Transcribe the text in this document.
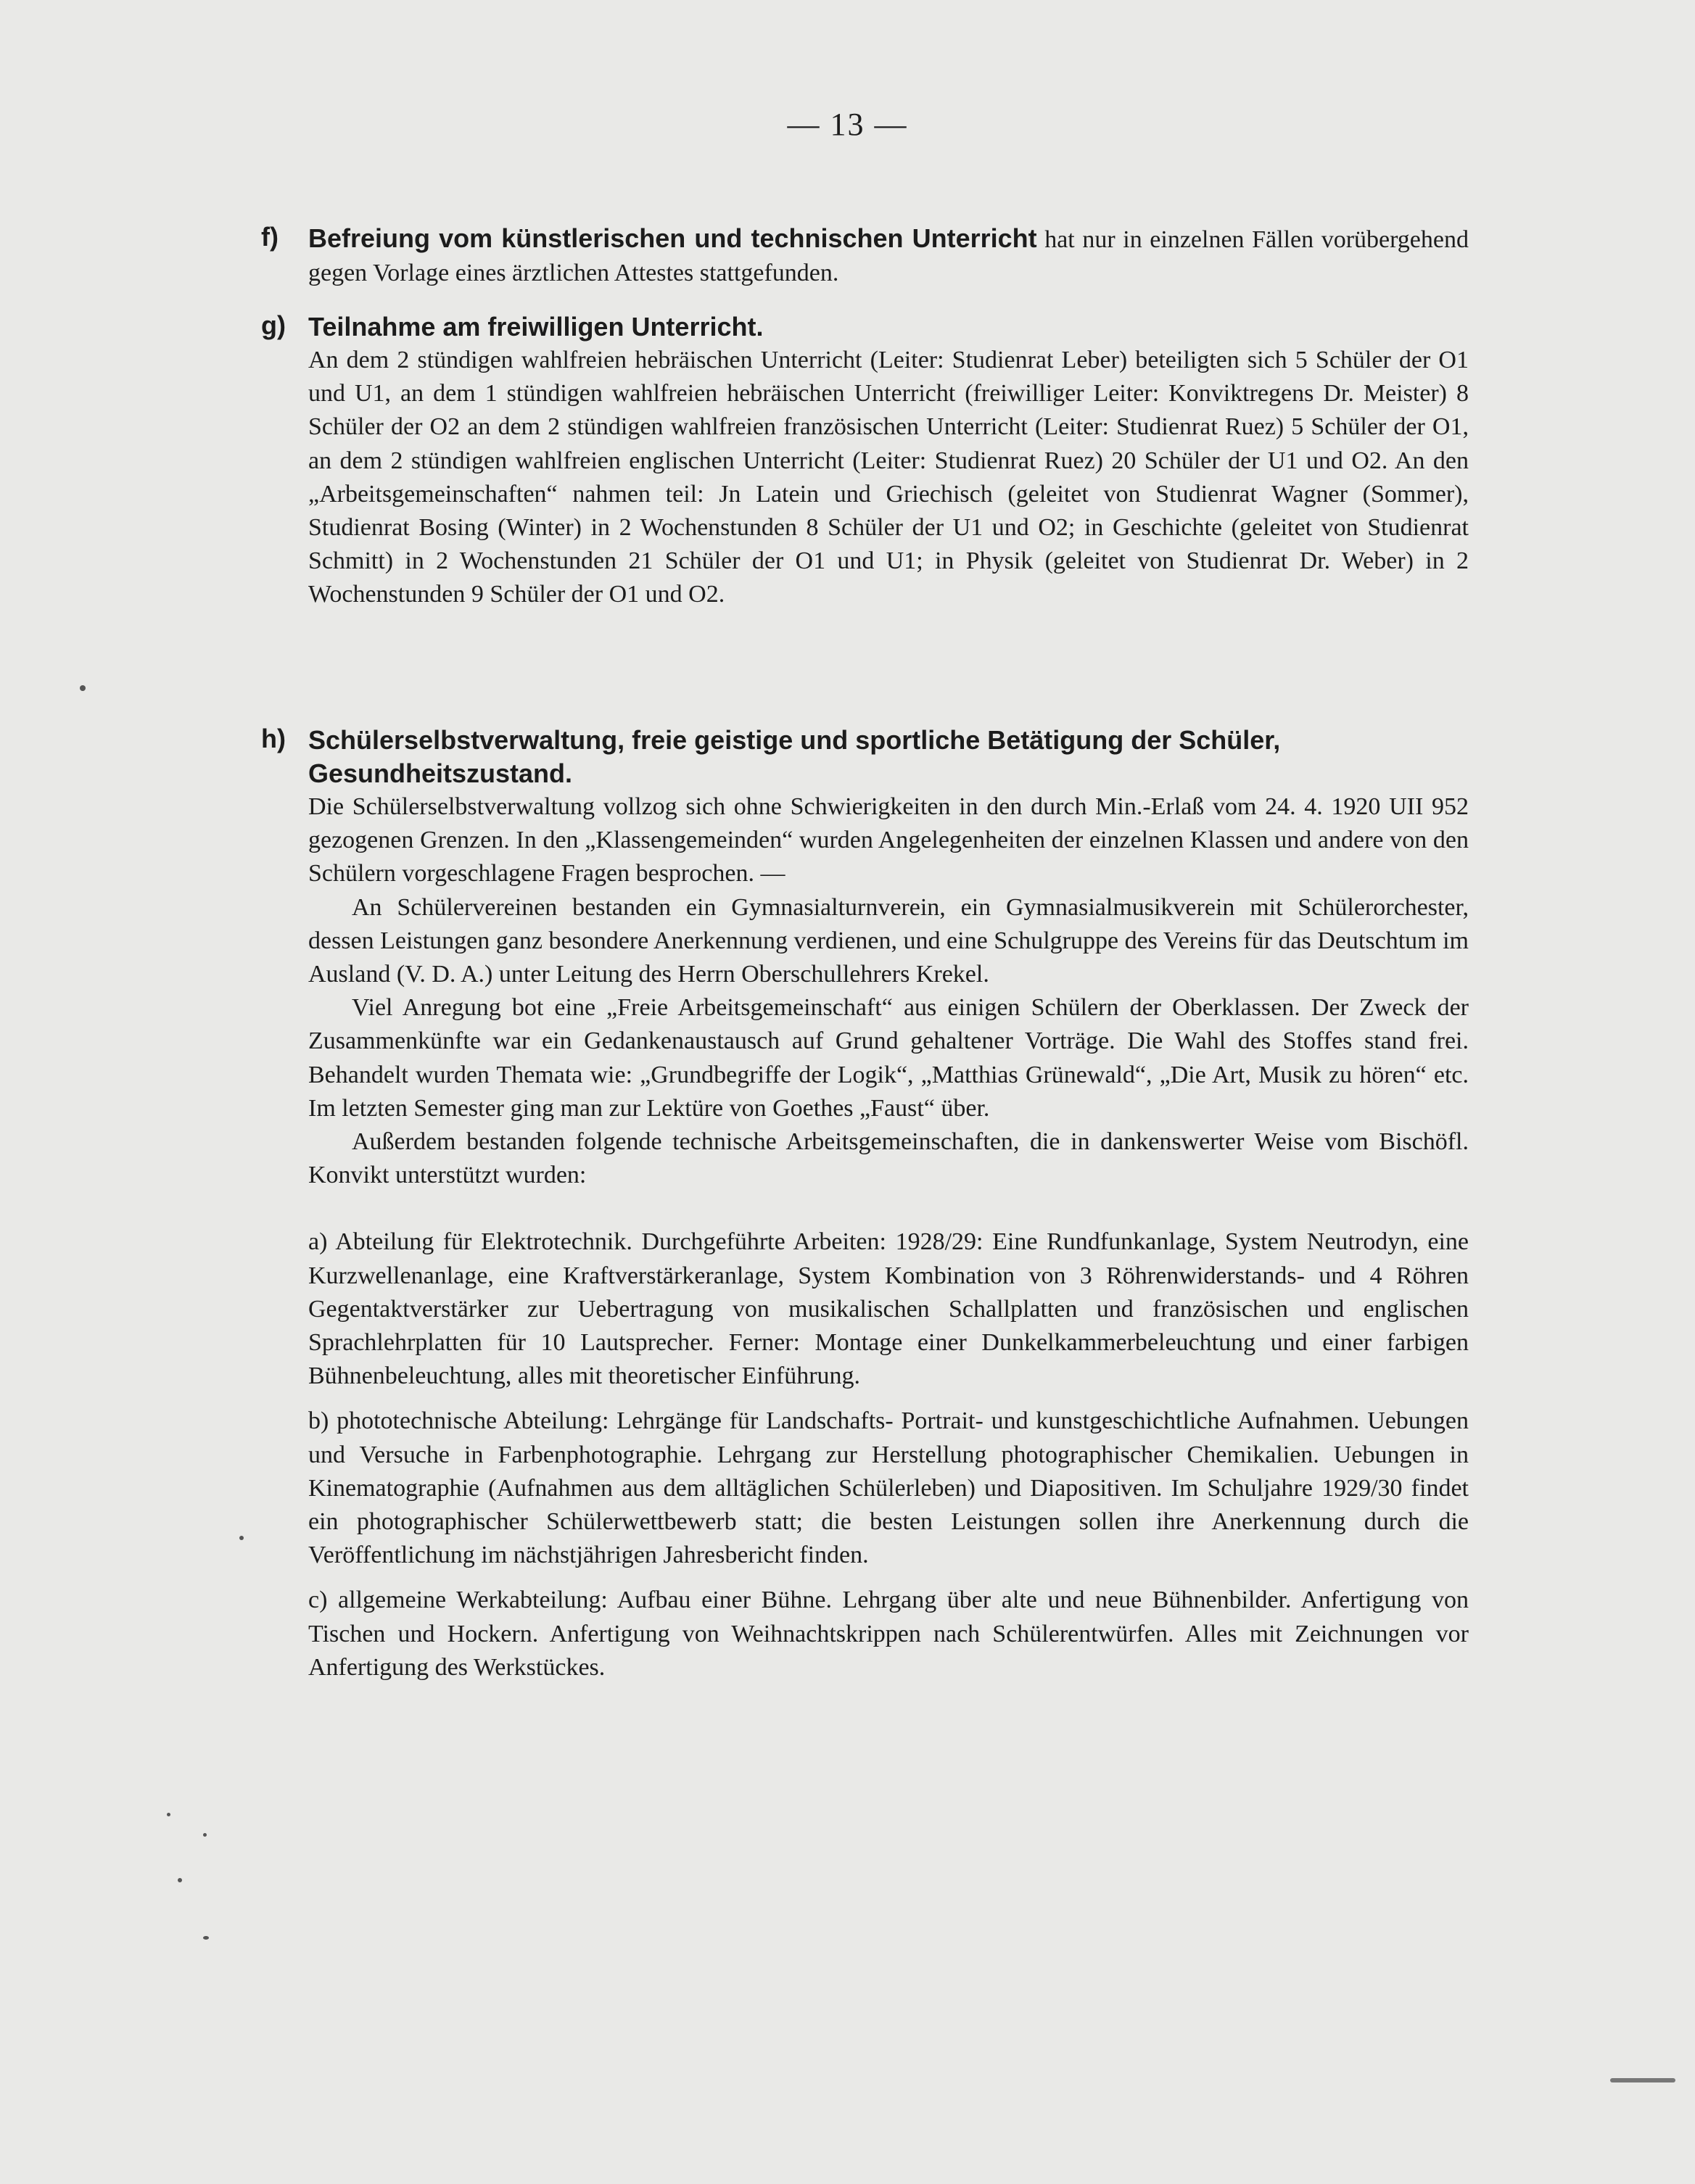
— 13 —
f) Befreiung vom künstlerischen und technischen Unterricht hat nur in einzelnen Fällen vorübergehend gegen Vorlage eines ärztlichen Attestes stattgefunden.

g) Teilnahme am freiwilligen Unterricht.

An dem 2 stündigen wahlfreien hebräischen Unterricht (Leiter: Studienrat Leber) beteiligten sich 5 Schüler der O1 und U1, an dem 1 stündigen wahlfreien hebräischen Unterricht (freiwilliger Leiter: Konviktregens Dr. Meister) 8 Schüler der O2 an dem 2 stündigen wahlfreien französischen Unterricht (Leiter: Studienrat Ruez) 5 Schüler der O1, an dem 2 stündigen wahlfreien englischen Unterricht (Leiter: Studienrat Ruez) 20 Schüler der U1 und O2. An den „Arbeitsgemeinschaften“ nahmen teil: Jn Latein und Griechisch (geleitet von Studienrat Wagner (Sommer), Studienrat Bosing (Winter) in 2 Wochenstunden 8 Schüler der U1 und O2; in Geschichte (geleitet von Studienrat Schmitt) in 2 Wochenstunden 21 Schüler der O1 und U1; in Physik (geleitet von Studienrat Dr. Weber) in 2 Wochenstunden 9 Schüler der O1 und O2.

h) Schülerselbstverwaltung, freie geistige und sportliche Betätigung der Schüler, Gesundheitszustand.

Die Schülerselbstverwaltung vollzog sich ohne Schwierigkeiten in den durch Min.-Erlaß vom 24. 4. 1920 UII 952 gezogenen Grenzen. In den „Klassengemeinden“ wurden Angelegenheiten der einzelnen Klassen und andere von den Schülern vorgeschlagene Fragen besprochen. —

An Schülervereinen bestanden ein Gymnasialturnverein, ein Gymnasialmusikverein mit Schülerorchester, dessen Leistungen ganz besondere Anerkennung verdienen, und eine Schulgruppe des Vereins für das Deutschtum im Ausland (V. D. A.) unter Leitung des Herrn Oberschullehrers Krekel.

Viel Anregung bot eine „Freie Arbeitsgemeinschaft“ aus einigen Schülern der Oberklassen. Der Zweck der Zusammenkünfte war ein Gedankenaustausch auf Grund gehaltener Vorträge. Die Wahl des Stoffes stand frei. Behandelt wurden Themata wie: „Grundbegriffe der Logik“, „Matthias Grünewald“, „Die Art, Musik zu hören“ etc. Im letzten Semester ging man zur Lektüre von Goethes „Faust“ über.

Außerdem bestanden folgende technische Arbeitsgemeinschaften, die in dankenswerter Weise vom Bischöfl. Konvikt unterstützt wurden:

a) Abteilung für Elektrotechnik. Durchgeführte Arbeiten: 1928/29: Eine Rundfunkanlage, System Neutrodyn, eine Kurzwellenanlage, eine Kraftverstärkeranlage, System Kombination von 3 Röhrenwiderstands- und 4 Röhren Gegentaktverstärker zur Uebertragung von musikalischen Schallplatten und französischen und englischen Sprachlehrplatten für 10 Lautsprecher. Ferner: Montage einer Dunkelkammerbeleuchtung und einer farbigen Bühnenbeleuchtung, alles mit theoretischer Einführung.

b) phototechnische Abteilung: Lehrgänge für Landschafts- Portrait- und kunstgeschichtliche Aufnahmen. Uebungen und Versuche in Farbenphotographie. Lehrgang zur Herstellung photographischer Chemikalien. Uebungen in Kinematographie (Aufnahmen aus dem alltäglichen Schülerleben) und Diapositiven. Im Schuljahre 1929/30 findet ein photographischer Schülerwettbewerb statt; die besten Leistungen sollen ihre Anerkennung durch die Veröffentlichung im nächstjährigen Jahresbericht finden.

c) allgemeine Werkabteilung: Aufbau einer Bühne. Lehrgang über alte und neue Bühnenbilder. Anfertigung von Tischen und Hockern. Anfertigung von Weihnachtskrippen nach Schülerentwürfen. Alles mit Zeichnungen vor Anfertigung des Werkstückes.
